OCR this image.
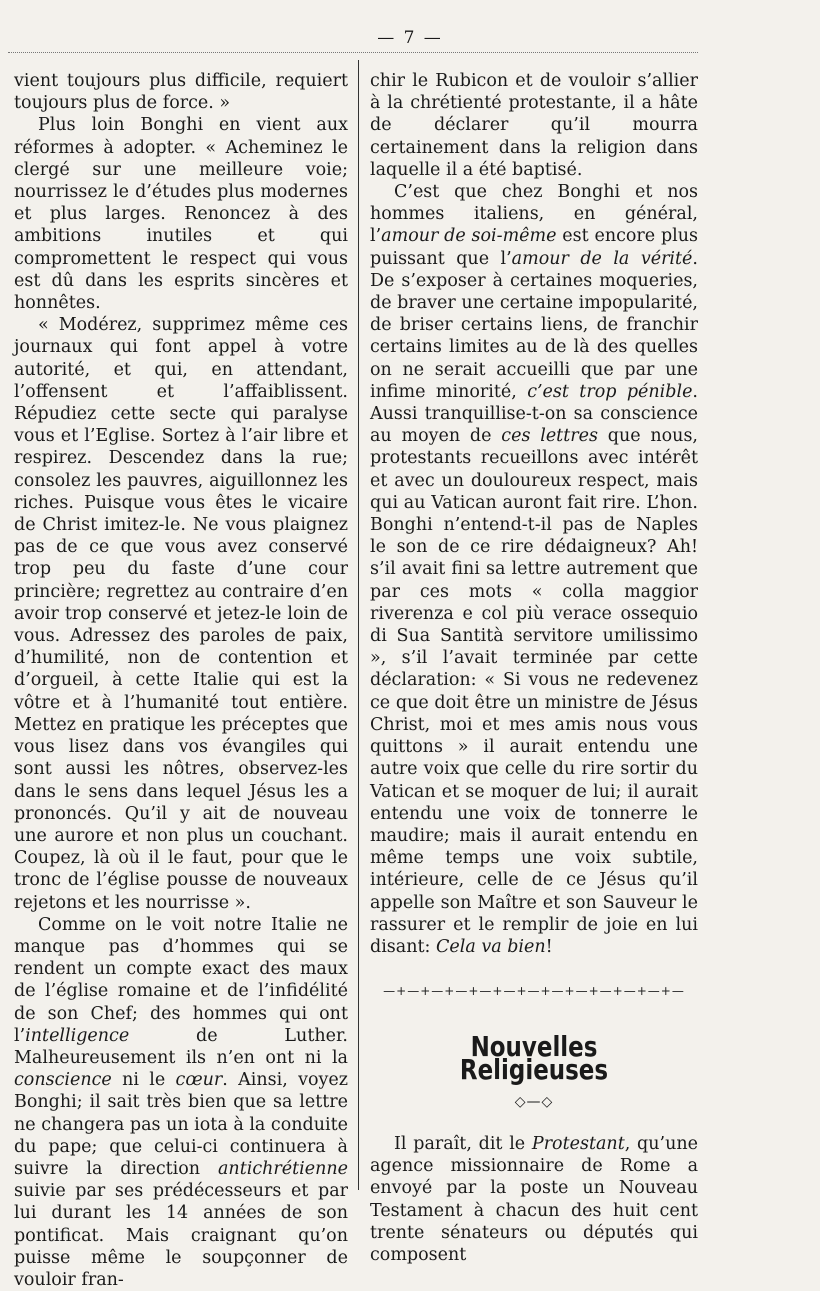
— 7 —

vient toujours plus difficile, requiert toujours plus de force. »

Plus loin Bonghi en vient aux réformes à adopter. « Acheminez le clergé sur une meilleure voie; nourrissez le d’études plus modernes et plus larges. Renoncez à des ambitions inutiles et qui compromettent le respect qui vous est dû dans les esprits sincères et honnêtes.

« Modérez, supprimez même ces journaux qui font appel à votre autorité, et qui, en attendant, l’offensent et l’affaiblissent. Répudiez cette secte qui paralyse vous et l’Eglise. Sortez à l’air libre et respirez. Descendez dans la rue; consolez les pauvres, aiguillonnez les riches. Puisque vous êtes le vicaire de Christ imitez-le. Ne vous plaignez pas de ce que vous avez conservé trop peu du faste d’une cour princière; regrettez au contraire d’en avoir trop conservé et jetez-le loin de vous. Adressez des paroles de paix, d’humilité, non de contention et d’orgueil, à cette Italie qui est la vôtre et à l’humanité tout entière. Mettez en pratique les préceptes que vous lisez dans vos évangiles qui sont aussi les nôtres, observez-les dans le sens dans lequel Jésus les a prononcés. Qu’il y ait de nouveau une aurore et non plus un couchant. Coupez, là où il le faut, pour que le tronc de l’église pousse de nouveaux rejetons et les nourrisse ».

Comme on le voit notre Italie ne manque pas d’hommes qui se rendent un compte exact des maux de l’église romaine et de l’infidélité de son Chef; des hommes qui ont l’intelligence de Luther. Malheureusement ils n’en ont ni la conscience ni le cœur. Ainsi, voyez Bonghi; il sait très bien que sa lettre ne changera pas un iota à la conduite du pape; que celui-ci continuera à suivre la direction antichrétienne suivie par ses prédécesseurs et par lui durant les 14 années de son pontificat. Mais craignant qu’on puisse même le soupçonner de vouloir fran-

chir le Rubicon et de vouloir s’allier à la chrétienté protestante, il a hâte de déclarer qu’il mourra certainement dans la religion dans laquelle il a été baptisé.

C’est que chez Bonghi et nos hommes italiens, en général, l’amour de soi-même est encore plus puissant que l’amour de la vérité. De s’exposer à certaines moqueries, de braver une certaine impopularité, de briser certains liens, de franchir certains limites au de là des quelles on ne serait accueilli que par une infime minorité, c’est trop pénible. Aussi tranquillise-t-on sa conscience au moyen de ces lettres que nous, protestants recueillons avec intérêt et avec un douloureux respect, mais qui au Vatican auront fait rire. L’hon. Bonghi n’entend-t-il pas de Naples le son de ce rire dédaigneux? Ah! s’il avait fini sa lettre autrement que par ces mots « colla maggior riverenza e col più verace ossequio di Sua Santità servitore umilissimo », s’il l’avait terminée par cette déclaration: « Si vous ne redevenez ce que doit être un ministre de Jésus Christ, moi et mes amis nous vous quittons » il aurait entendu une autre voix que celle du rire sortir du Vatican et se moquer de lui; il aurait entendu une voix de tonnerre le maudire; mais il aurait entendu en même temps une voix subtile, intérieure, celle de ce Jésus qu’il appelle son Maître et son Sauveur le rassurer et le remplir de joie en lui disant: Cela va bien!

—+—+—+—+—+—+—+—+—+—+—+—+—
Nouvelles Religieuses
◇—◇

Il paraît, dit le Protestant, qu’une agence missionnaire de Rome a envoyé par la poste un Nouveau Testament à chacun des huit cent trente sénateurs ou députés qui composent
